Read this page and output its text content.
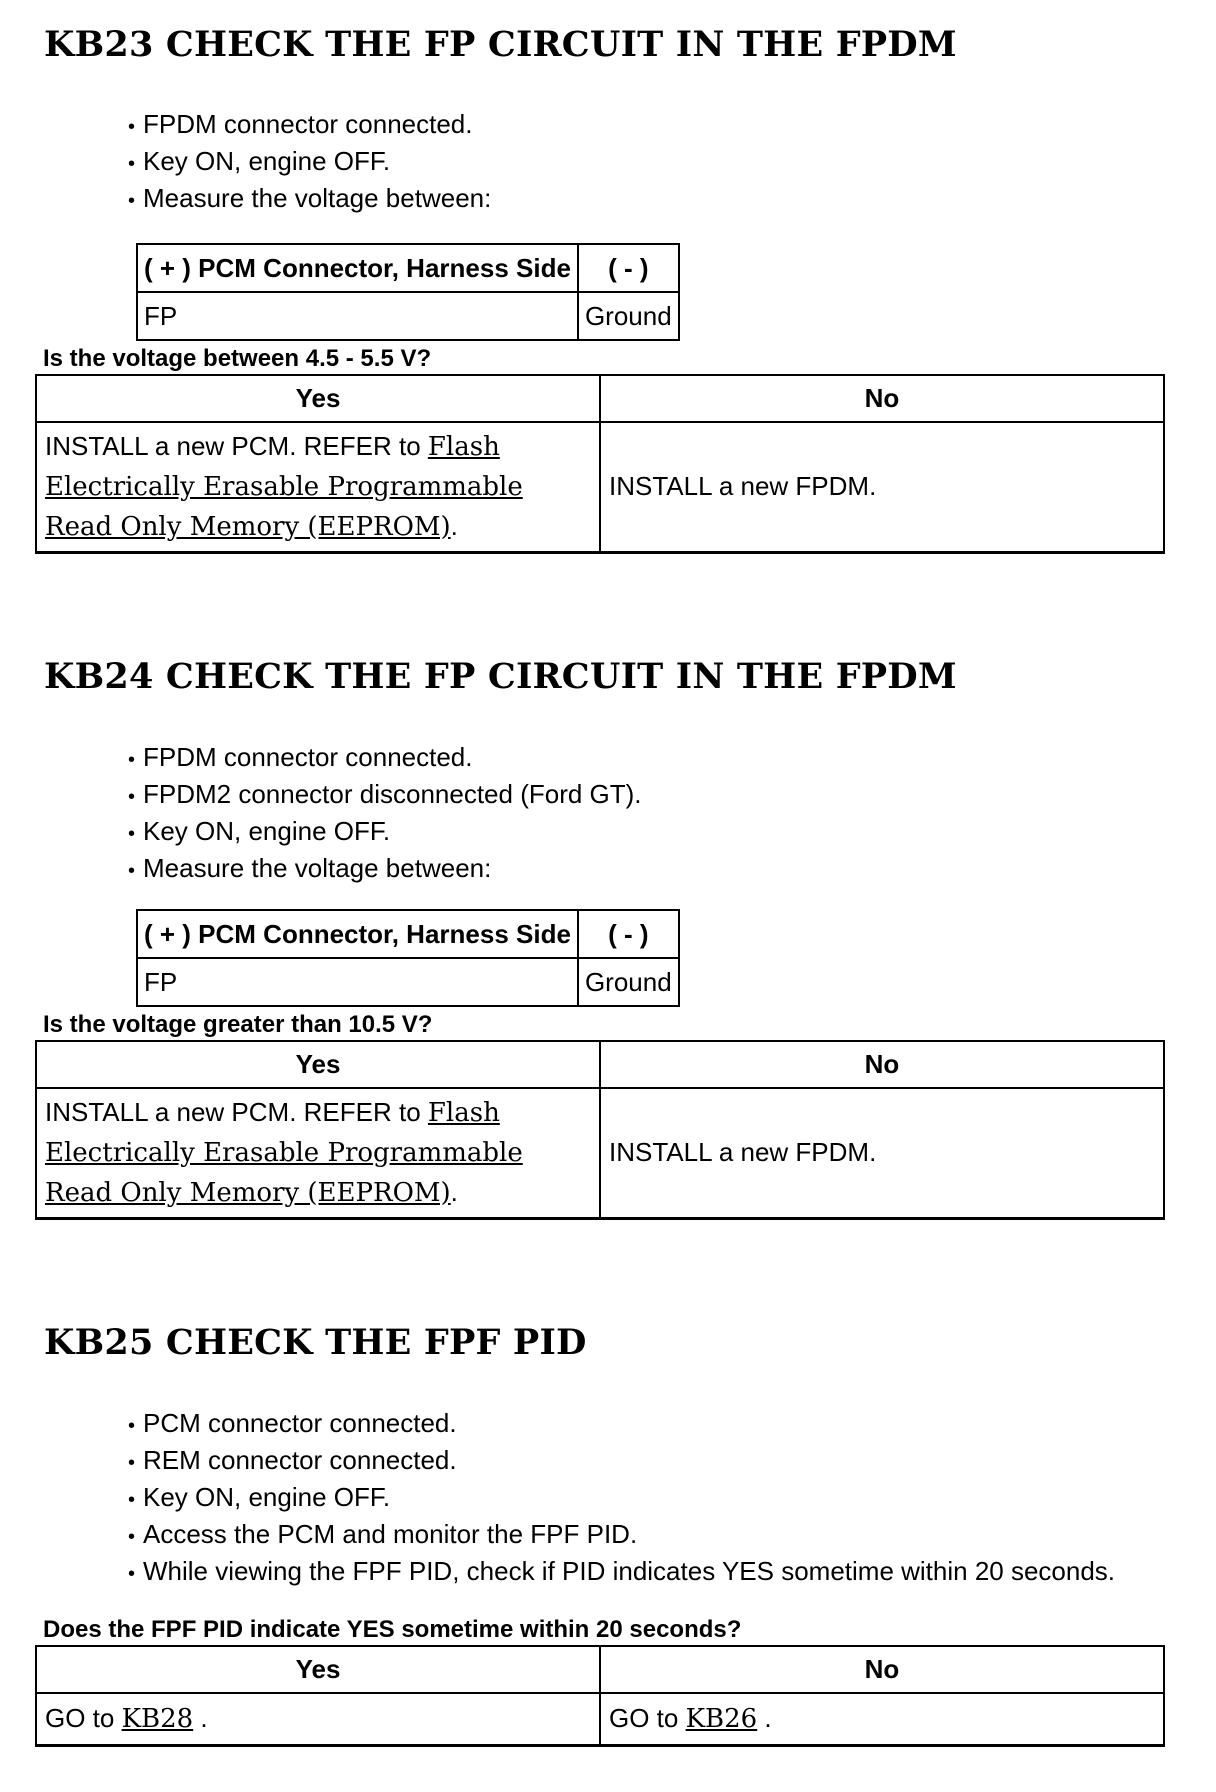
KB23 CHECK THE FP CIRCUIT IN THE FPDM
• FPDM connector connected.
• Key ON, engine OFF.
• Measure the voltage between:
( + ) PCM Connector, Harness Side	( - )
FP	Ground

Is the voltage between 4.5 - 5.5 V?

Yes	No
INSTALL a new PCM. REFER to Flash
Electrically Erasable Programmable
Read Only Memory (EEPROM).	INSTALL a new FPDM.
KB24 CHECK THE FP CIRCUIT IN THE FPDM
• FPDM connector connected.
• FPDM2 connector disconnected (Ford GT).
• Key ON, engine OFF.
• Measure the voltage between:
( + ) PCM Connector, Harness Side	( - )
FP	Ground

Is the voltage greater than 10.5 V?

Yes	No
INSTALL a new PCM. REFER to Flash
Electrically Erasable Programmable
Read Only Memory (EEPROM).	INSTALL a new FPDM.
KB25 CHECK THE FPF PID
• PCM connector connected.
• REM connector connected.
• Key ON, engine OFF.
• Access the PCM and monitor the FPF PID.
• While viewing the FPF PID, check if PID indicates YES sometime within 20 seconds.

Does the FPF PID indicate YES sometime within 20 seconds?

Yes	No
GO to KB28 .	GO to KB26 .
